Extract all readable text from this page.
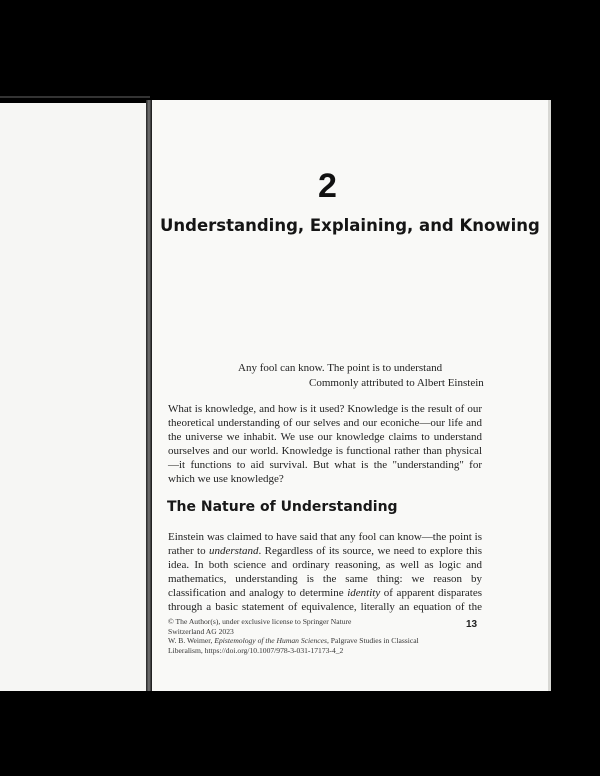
2
Understanding, Explaining, and Knowing
Any fool can know. The point is to understand
Commonly attributed to Albert Einstein

What is knowledge, and how is it used? Knowledge is the result of our theoretical understanding of our selves and our econiche—our life and the universe we inhabit. We use our knowledge claims to understand ourselves and our world. Knowledge is functional rather than physical—it functions to aid survival. But what is the "understanding" for which we use knowledge?

The Nature of Understanding

Einstein was claimed to have said that any fool can know—the point is rather to understand. Regardless of its source, we need to explore this idea. In both science and ordinary reasoning, as well as logic and mathematics, understanding is the same thing: we reason by classification and analogy to determine identity of apparent disparates through a basic statement of equivalence, literally an equation of the

© The Author(s), under exclusive license to Springer Nature
Switzerland AG 2023
W. B. Weimer, Epistemology of the Human Sciences, Palgrave Studies in Classical
Liberalism, https://doi.org/10.1007/978-3-031-17173-4_2
13
